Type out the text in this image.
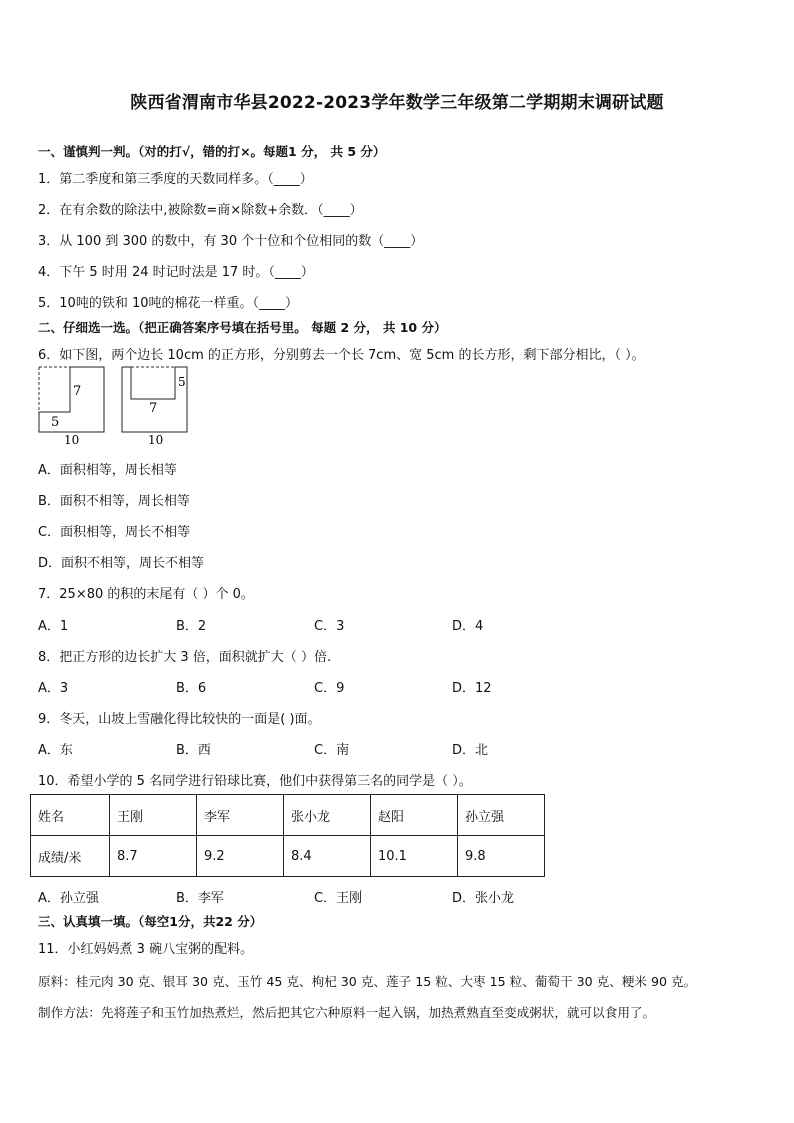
陕西省渭南市华县2022-2023学年数学三年级第二学期期末调研试题
一、谨慎判一判。（对的打√，错的打×。每题1 分， 共 5 分）
1．第二季度和第三季度的天数同样多。（____）
2．在有余数的除法中,被除数=商×除数+余数．（____）
3．从 100 到 300 的数中，有 30 个十位和个位相同的数（____）
4．下午 5 时用 24 时记时法是 17 时。（____）
5．10吨的铁和 10吨的棉花一样重。（____）
二、仔细选一选。（把正确答案序号填在括号里。 每题 2 分， 共 10 分）
6．如下图，两个边长 10cm 的正方形，分别剪去一个长 7cm、宽 5cm 的长方形，剩下部分相比，（ ）。
7
5
10
5
7
10
A．面积相等，周长相等
B．面积不相等，周长相等
C．面积相等，周长不相等
D．面积不相等，周长不相等
7．25×80 的积的末尾有（ ）个 0。
A．1	B．2	C．3	D．4
8．把正方形的边长扩大 3 倍，面积就扩大（ ）倍.
A．3	B．6	C．9	D．12
9．冬天，山坡上雪融化得比较快的一面是( )面。
A．东	B．西	C．南	D．北
10．希望小学的 5 名同学进行铅球比赛，他们中获得第三名的同学是（ ）。
姓名	王刚	李军	张小龙	赵阳	孙立强
成绩/米	8.7	9.2	8.4	10.1	9.8
A．孙立强	B．李军	C．王刚	D．张小龙
三、认真填一填。（每空1分，共22 分）
11．小红妈妈煮 3 碗八宝粥的配料。
原料：桂元肉 30 克、银耳 30 克、玉竹 45 克、枸杞 30 克、莲子 15 粒、大枣 15 粒、葡萄干 30 克、粳米 90 克。
制作方法：先将莲子和玉竹加热煮烂，然后把其它六种原料一起入锅，加热煮熟直至变成粥状，就可以食用了。
